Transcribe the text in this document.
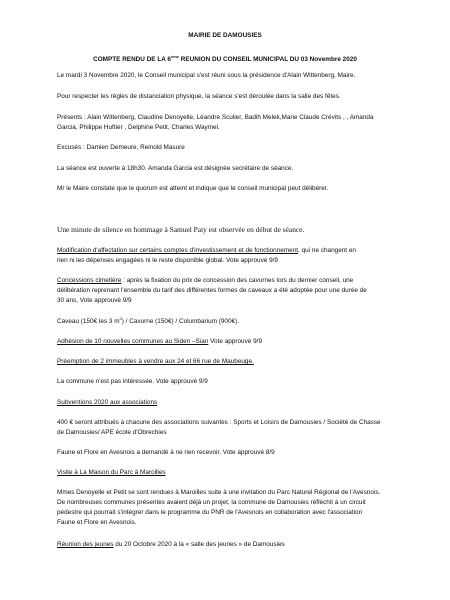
MAIRIE DE DAMOUSIES
COMPTE RENDU DE LA 6ème REUNION DU CONSEIL MUNICIPAL DU 03 Novembre 2020
Le mardi 3 Novembre 2020, le Conseil municipal s'est réuni sous la présidence d'Alain Wittenberg, Maire.
Pour respecter les règles de distanciation physique, la séance s'est déroulée dans la salle des fêtes.
Présents : Alain Wittenberg, Claudine Denoyelle, Léandre Sculier, Badih Melek,Marie Claude Crévits , , Amanda
Garcia, Philippe Huftier , Delphine Petit, Charles Waymel.
Excusés : Damien Demeure, Reinold Masure
La séance est ouverte à 18h30. Amanda Garcia est désignée secrétaire de séance.
Mr le Maire constate que le quorum est atteint et indique que le conseil municipal peut délibérer.
Une minute de silence en hommage à Samuel Paty est observée en début de séance.
Modification d'affectation sur certains comptes d'investissement et de fonctionnement, qui ne changent en
rien ni les dépenses engagées ni le reste disponible global. Vote approuvé 9/9
Concessions cimetière : après la fixation du prix de concession des cavurnes lors du dernier conseil, une
délibération reprenant l'ensemble du tarif des différentes formes de caveaux a été adoptée pour une durée de
30 ans, Vote approuvé 9/9
Caveau (150€ les 3 $m^2$) / Cavurne (150€) / Columbarium (900€).
Adhésion de 10 nouvelles communes au Siden –Sian Vote approuvé 9/9
Préemption de 2 immeubles à vendre aux 24 et 66 rue de Maubeuge.
La commune n'est pas intéressée. Vote approuvé 9/9
Subventions 2020 aux associations
400 € seront attribués à chacune des associations suivantes : Sports et Loisirs de Damousies / Société de Chasse
de Damousies/ APE école d'Obrechies
Faune et Flore en Avesnois a demandé à ne rien recevoir. Vote approuvé 8/9
Visite à La Maison du Parc à Maroilles
Mmes Denoyelle et Petit se sont rendues à Maroilles suite à une invitation du Parc Naturel Régional de l'Avesnois.
De nombreuses communes présentes avaient déjà un projet, la commune de Damousies réfléchit à un circuit
pédestre qui pourrait s'intégrer dans le programme du PNR de l'Avesnois en collaboration avec l'association
Faune et Flore en Avesnois.
Réunion des jeunes du 20 Octobre 2020 à la « salle des jeunes » de Damousies
